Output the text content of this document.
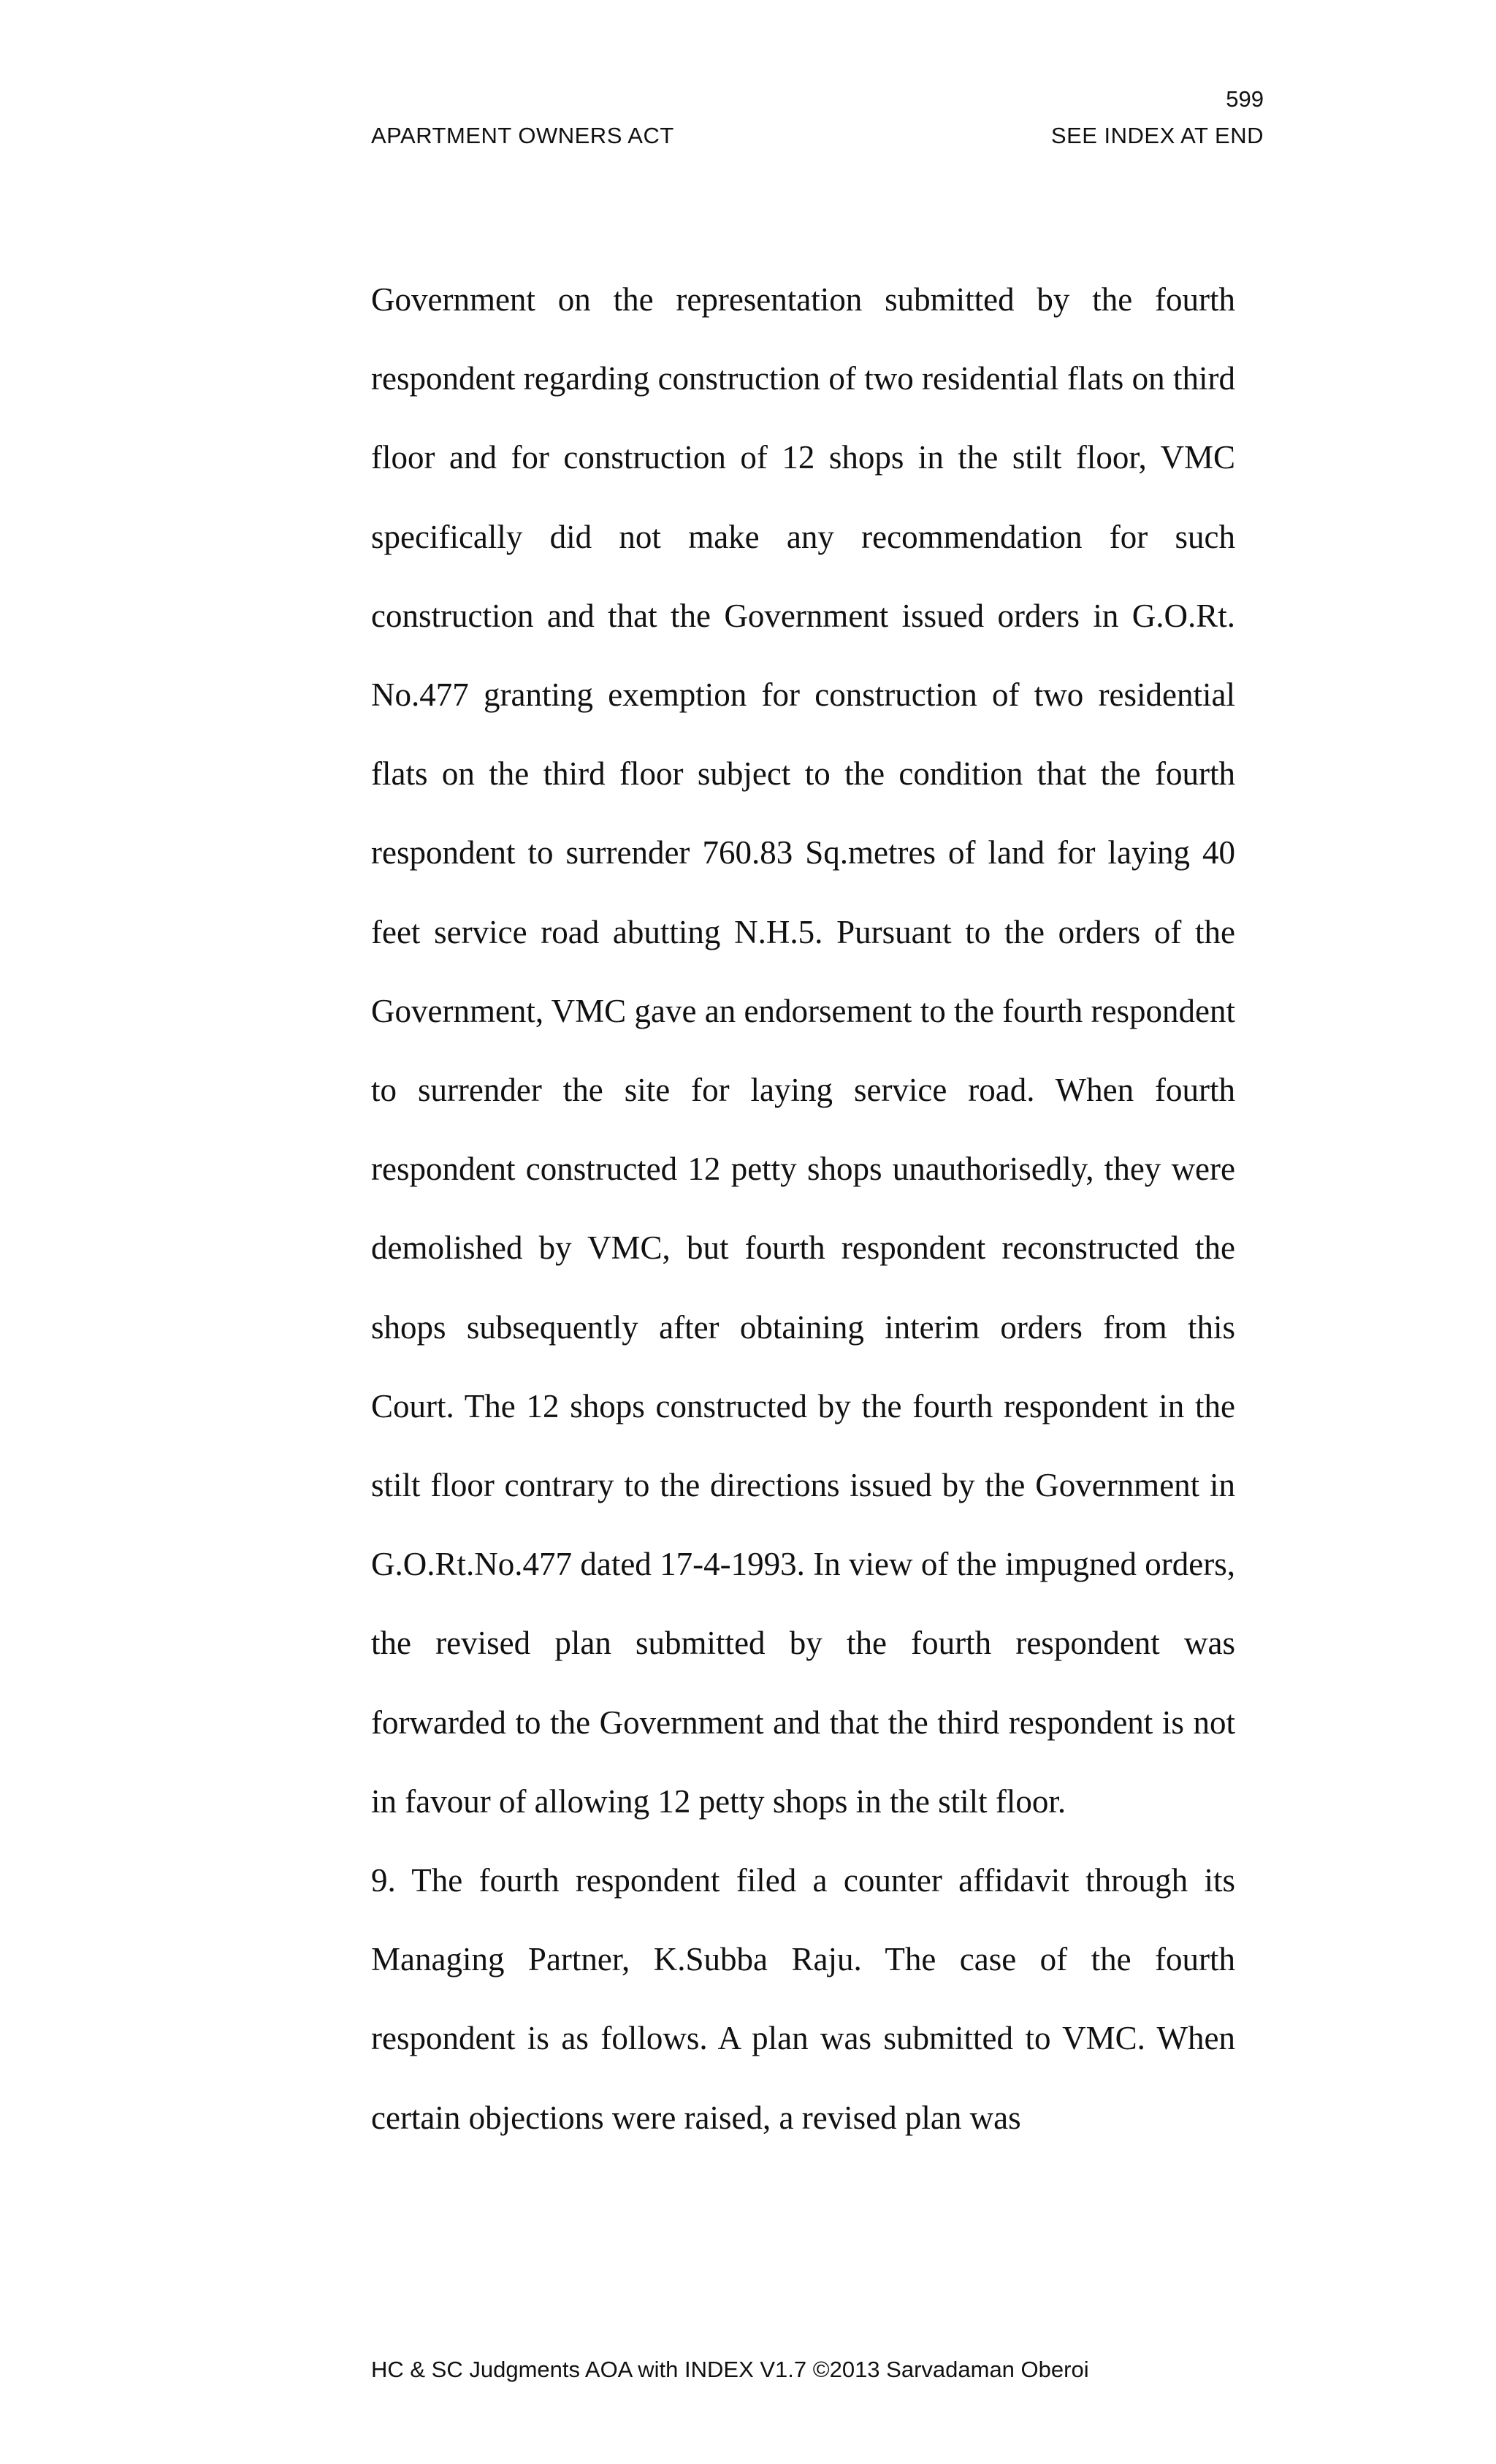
599
APARTMENT OWNERS ACT	SEE INDEX AT END

Government on the representation submitted by the fourth respondent regarding construction of two residential flats on third floor and for construction of 12 shops in the stilt floor, VMC specifically did not make any recommendation for such construction and that the Government issued orders in G.O.Rt. No.477 granting exemption for construction of two residential flats on the third floor subject to the condition that the fourth respondent to surrender 760.83 Sq.metres of land for laying 40 feet service road abutting N.H.5. Pursuant to the orders of the Government, VMC gave an endorsement to the fourth respondent to surrender the site for laying service road. When fourth respondent constructed 12 petty shops unauthorisedly, they were demolished by VMC, but fourth respondent reconstructed the shops subsequently after obtaining interim orders from this Court. The 12 shops constructed by the fourth respondent in the stilt floor contrary to the directions issued by the Government in G.O.Rt.No.477 dated 17-4-1993. In view of the impugned orders, the revised plan submitted by the fourth respondent was forwarded to the Government and that the third respondent is not in favour of allowing 12 petty shops in the stilt floor.

9. The fourth respondent filed a counter affidavit through its Managing Partner, K.Subba Raju. The case of the fourth respondent is as follows. A plan was submitted to VMC. When certain objections were raised, a revised plan was

HC & SC Judgments AOA with INDEX V1.7 ©2013 Sarvadaman Oberoi
